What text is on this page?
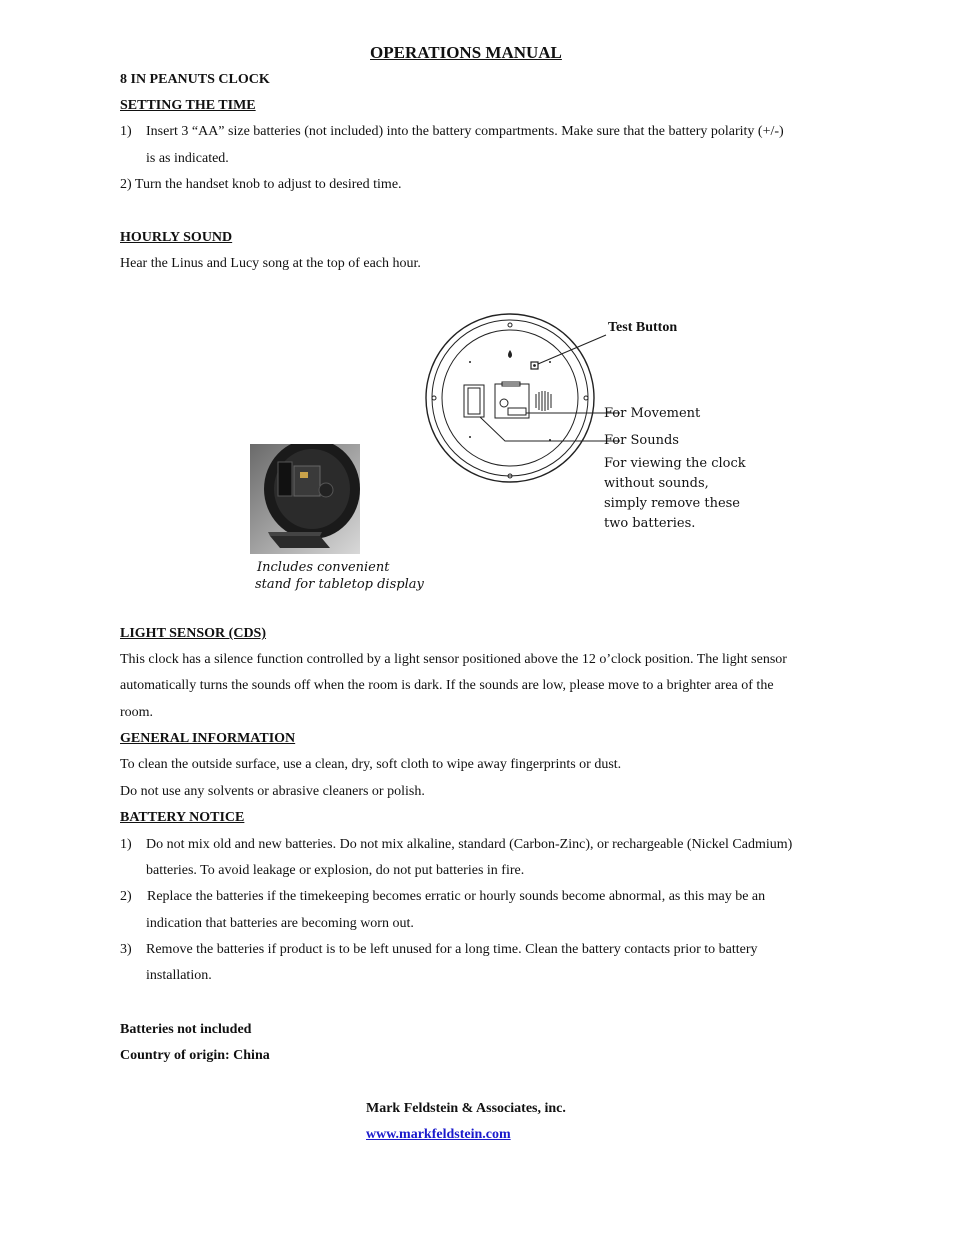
OPERATIONS MANUAL
8 IN PEANUTS CLOCK
SETTING THE TIME
1) Insert 3 “AA” size batteries (not included) into the battery compartments. Make sure that the battery polarity (+/-)
is as indicated.
2) Turn the handset knob to adjust to desired time.
HOURLY SOUND
Hear the Linus and Lucy song at the top of each hour.
Test Button
For Movement
For Sounds
For viewing the clock
without sounds,
simply remove these
two batteries.
Includes convenient
stand for tabletop display
LIGHT SENSOR (CDS)
This clock has a silence function controlled by a light sensor positioned above the 12 o’clock position. The light sensor
automatically turns the sounds off when the room is dark. If the sounds are low, please move to a brighter area of the
room.
GENERAL INFORMATION
To clean the outside surface, use a clean, dry, soft cloth to wipe away fingerprints or dust.
Do not use any solvents or abrasive cleaners or polish.
BATTERY NOTICE
1) Do not mix old and new batteries. Do not mix alkaline, standard (Carbon-Zinc), or rechargeable (Nickel Cadmium)
batteries. To avoid leakage or explosion, do not put batteries in fire.
2) Replace the batteries if the timekeeping becomes erratic or hourly sounds become abnormal, as this may be an
indication that batteries are becoming worn out.
3) Remove the batteries if product is to be left unused for a long time. Clean the battery contacts prior to battery
installation.
Batteries not included
Country of origin: China
Mark Feldstein & Associates, inc.
www.markfeldstein.com
